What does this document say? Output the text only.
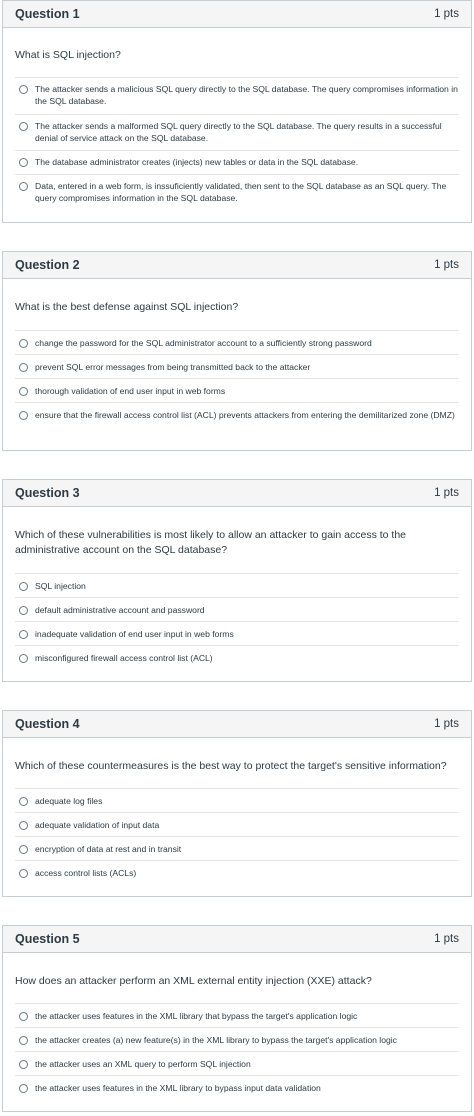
Question 1	1 pts

What is SQL injection?

The attacker sends a malicious SQL query directly to the SQL database. The query compromises information in the SQL database.
The attacker sends a malformed SQL query directly to the SQL database. The query results in a successful denial of service attack on the SQL database.
The database administrator creates (injects) new tables or data in the SQL database.
Data, entered in a web form, is inssuficiently validated, then sent to the SQL database as an SQL query. The query compromises information in the SQL database.
Question 2	1 pts

What is the best defense against SQL injection?

change the password for the SQL administrator account to a sufficiently strong password
prevent SQL error messages from being transmitted back to the attacker
thorough validation of end user input in web forms
ensure that the firewall access control list (ACL) prevents attackers from entering the demilitarized zone (DMZ)
Question 3	1 pts

Which of these vulnerabilities is most likely to allow an attacker to gain access to the administrative account on the SQL database?

SQL injection
default administrative account and password
inadequate validation of end user input in web forms
misconfigured firewall access control list (ACL)
Question 4	1 pts

Which of these countermeasures is the best way to protect the target's sensitive information?

adequate log files
adequate validation of input data
encryption of data at rest and in transit
access control lists (ACLs)
Question 5	1 pts

How does an attacker perform an XML external entity injection (XXE) attack?

the attacker uses features in the XML library that bypass the target's application logic
the attacker creates (a) new feature(s) in the XML library to bypass the target's application logic
the attacker uses an XML query to perform SQL injection
the attacker uses features in the XML library to bypass input data validation
